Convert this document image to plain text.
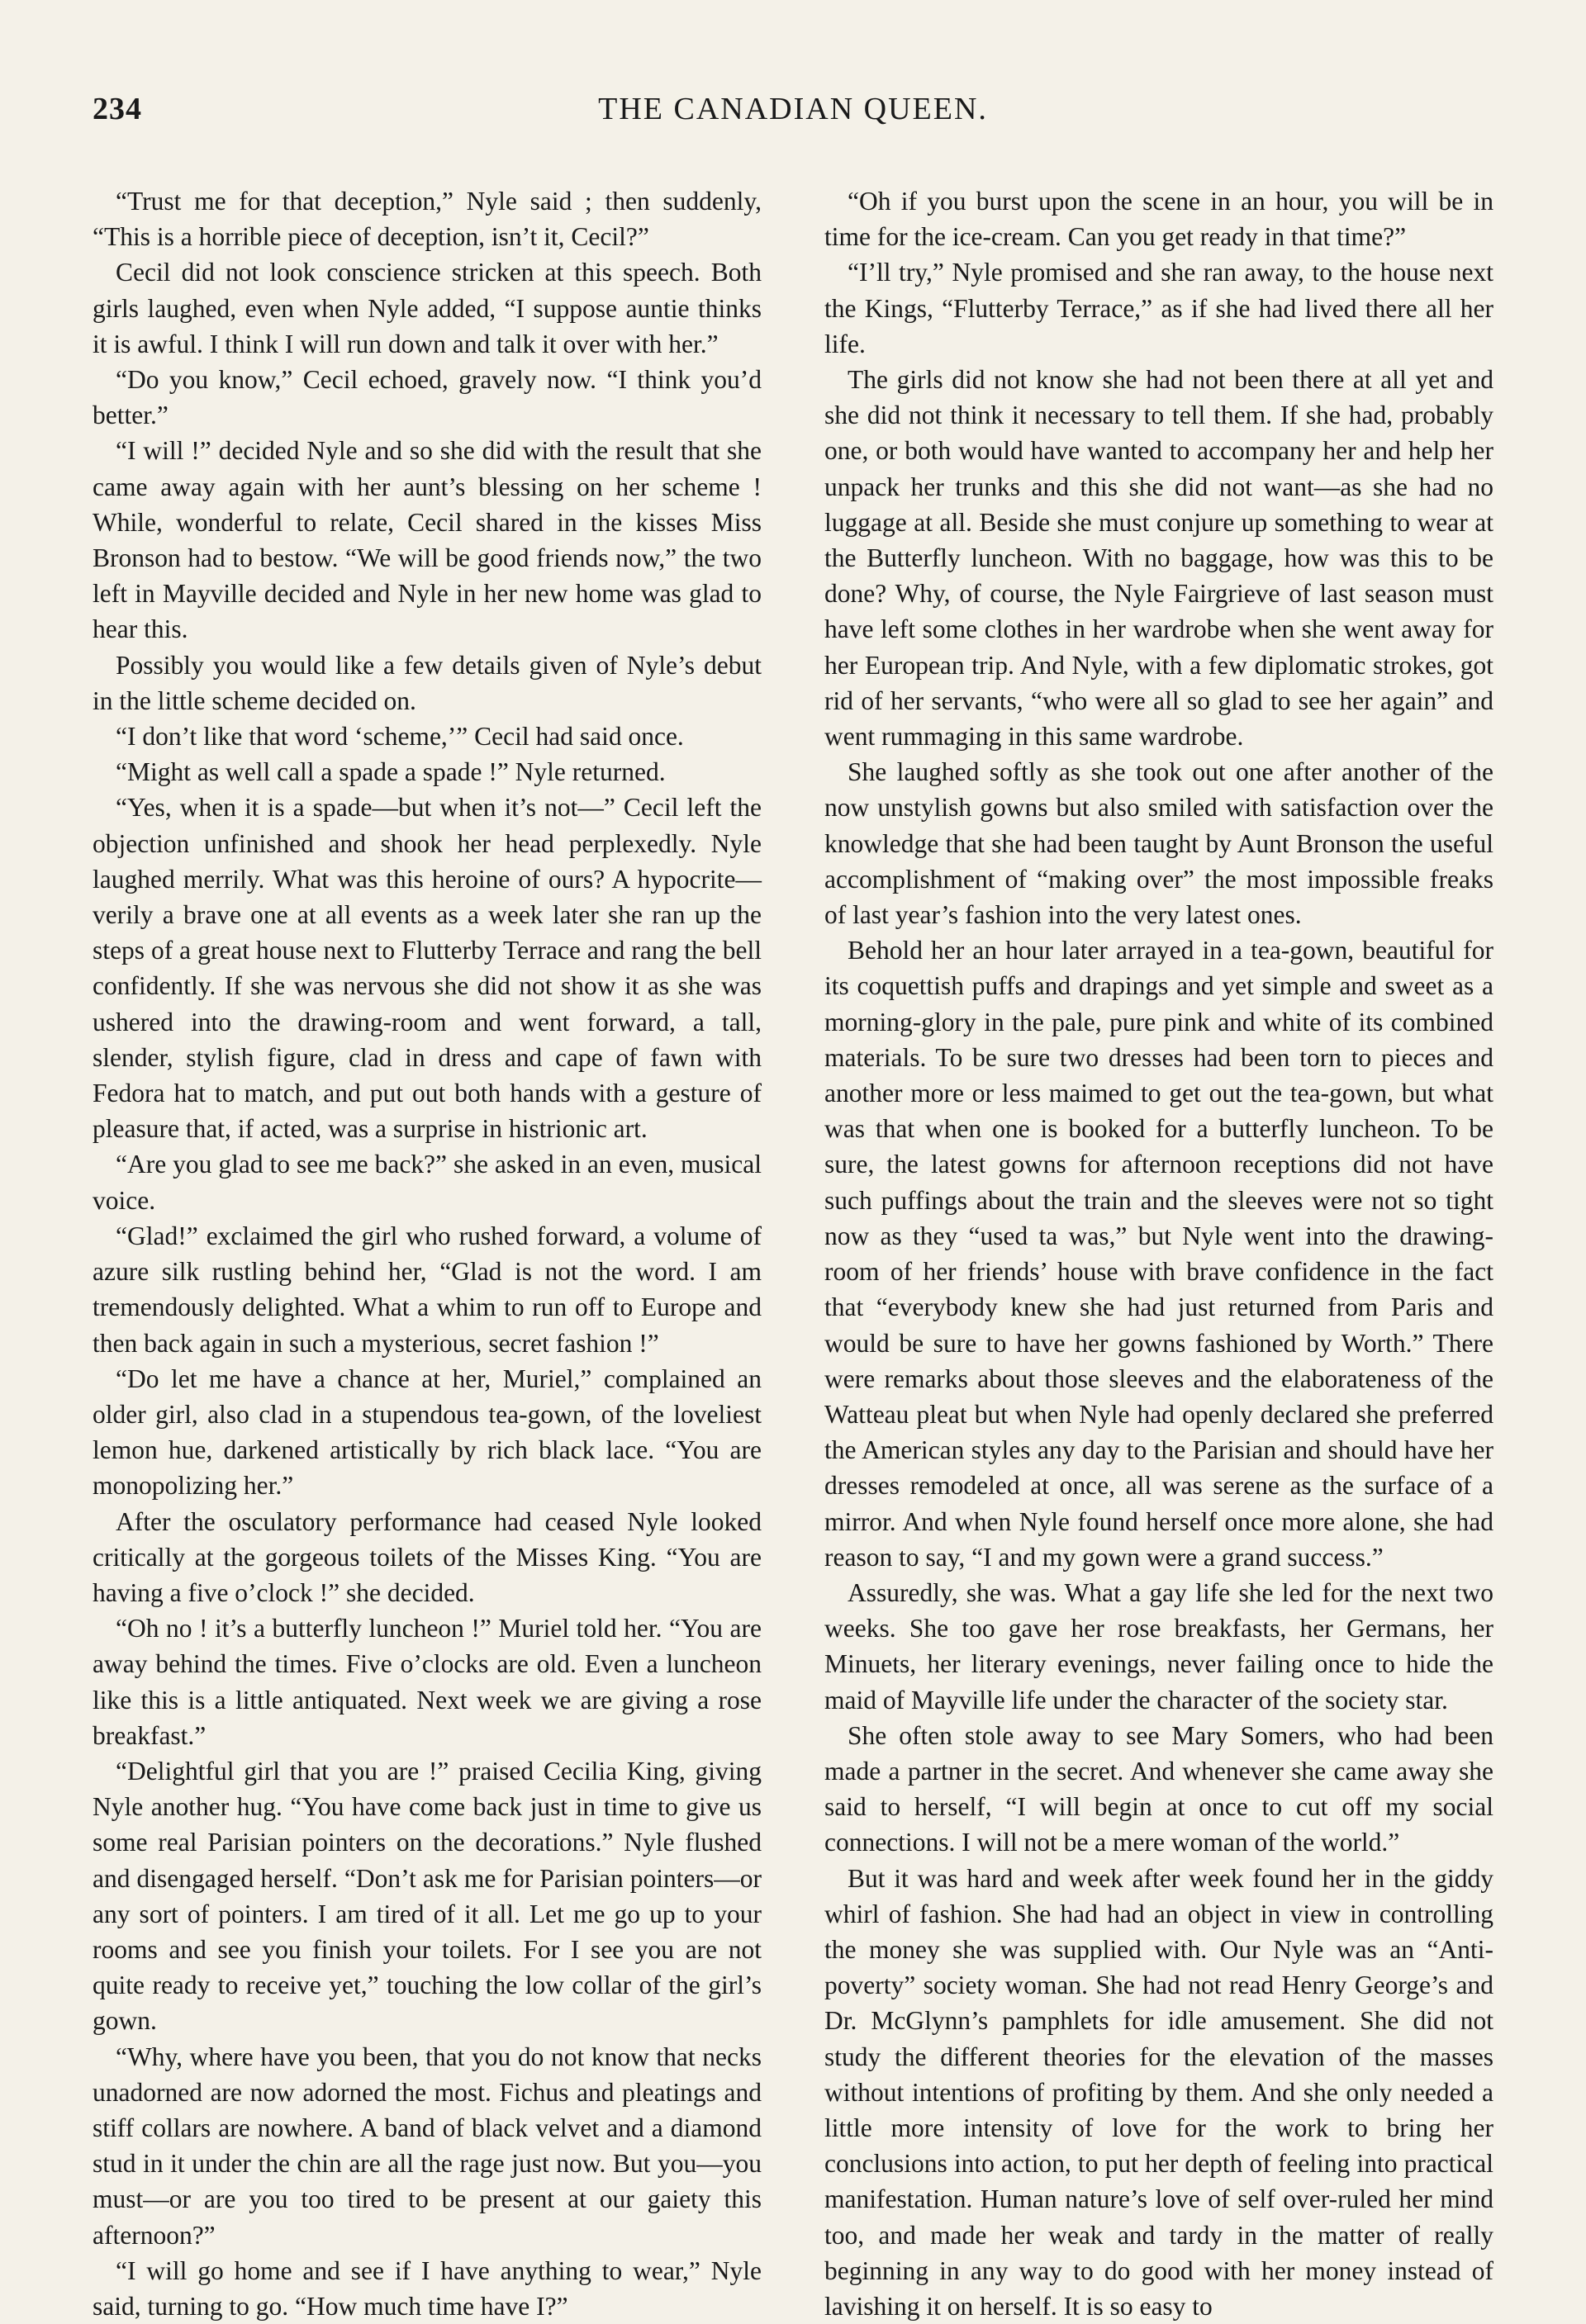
234	THE CANADIAN QUEEN.

“Trust me for that deception,” Nyle said ; then suddenly, “This is a horrible piece of deception, isn’t it, Cecil?”

Cecil did not look conscience stricken at this speech. Both girls laughed, even when Nyle added, “I suppose auntie thinks it is awful. I think I will run down and talk it over with her.”

“Do you know,” Cecil echoed, gravely now. “I think you’d better.”

“I will !” decided Nyle and so she did with the result that she came away again with her aunt’s blessing on her scheme ! While, wonderful to relate, Cecil shared in the kisses Miss Bronson had to bestow. “We will be good friends now,” the two left in Mayville decided and Nyle in her new home was glad to hear this.

Possibly you would like a few details given of Nyle’s debut in the little scheme decided on.

“I don’t like that word ‘scheme,’” Cecil had said once.

“Might as well call a spade a spade !” Nyle returned.

“Yes, when it is a spade—but when it’s not—” Cecil left the objection unfinished and shook her head perplexedly. Nyle laughed merrily. What was this heroine of ours? A hypocrite—verily a brave one at all events as a week later she ran up the steps of a great house next to Flutterby Terrace and rang the bell confidently. If she was nervous she did not show it as she was ushered into the drawing-room and went forward, a tall, slender, stylish figure, clad in dress and cape of fawn with Fedora hat to match, and put out both hands with a gesture of pleasure that, if acted, was a surprise in histrionic art.

“Are you glad to see me back?” she asked in an even, musical voice.

“Glad!” exclaimed the girl who rushed forward, a volume of azure silk rustling behind her, “Glad is not the word. I am tremendously delighted. What a whim to run off to Europe and then back again in such a mysterious, secret fashion !”

“Do let me have a chance at her, Muriel,” complained an older girl, also clad in a stupendous tea-gown, of the loveliest lemon hue, darkened artistically by rich black lace. “You are monopolizing her.”

After the osculatory performance had ceased Nyle looked critically at the gorgeous toilets of the Misses King. “You are having a five o’clock !” she decided.

“Oh no ! it’s a butterfly luncheon !” Muriel told her. “You are away behind the times. Five o’clocks are old. Even a luncheon like this is a little antiquated. Next week we are giving a rose breakfast.”

“Delightful girl that you are !” praised Cecilia King, giving Nyle another hug. “You have come back just in time to give us some real Parisian pointers on the decorations.” Nyle flushed and disengaged herself. “Don’t ask me for Parisian pointers—or any sort of pointers. I am tired of it all. Let me go up to your rooms and see you finish your toilets. For I see you are not quite ready to receive yet,” touching the low collar of the girl’s gown.

“Why, where have you been, that you do not know that necks unadorned are now adorned the most. Fichus and pleatings and stiff collars are nowhere. A band of black velvet and a diamond stud in it under the chin are all the rage just now. But you—you must—or are you too tired to be present at our gaiety this afternoon?”

“I will go home and see if I have anything to wear,” Nyle said, turning to go. “How much time have I?”

“Oh if you burst upon the scene in an hour, you will be in time for the ice-cream. Can you get ready in that time?”

“I’ll try,” Nyle promised and she ran away, to the house next the Kings, “Flutterby Terrace,” as if she had lived there all her life.

The girls did not know she had not been there at all yet and she did not think it necessary to tell them. If she had, probably one, or both would have wanted to accompany her and help her unpack her trunks and this she did not want—as she had no luggage at all. Beside she must conjure up something to wear at the Butterfly luncheon. With no baggage, how was this to be done? Why, of course, the Nyle Fairgrieve of last season must have left some clothes in her wardrobe when she went away for her European trip. And Nyle, with a few diplomatic strokes, got rid of her servants, “who were all so glad to see her again” and went rummaging in this same wardrobe.

She laughed softly as she took out one after another of the now unstylish gowns but also smiled with satisfaction over the knowledge that she had been taught by Aunt Bronson the useful accomplishment of “making over” the most impossible freaks of last year’s fashion into the very latest ones.

Behold her an hour later arrayed in a tea-gown, beautiful for its coquettish puffs and drapings and yet simple and sweet as a morning-glory in the pale, pure pink and white of its combined materials. To be sure two dresses had been torn to pieces and another more or less maimed to get out the tea-gown, but what was that when one is booked for a butterfly luncheon. To be sure, the latest gowns for afternoon receptions did not have such puffings about the train and the sleeves were not so tight now as they “used ta was,” but Nyle went into the drawing-room of her friends’ house with brave confidence in the fact that “everybody knew she had just returned from Paris and would be sure to have her gowns fashioned by Worth.” There were remarks about those sleeves and the elaborateness of the Watteau pleat but when Nyle had openly declared she preferred the American styles any day to the Parisian and should have her dresses remodeled at once, all was serene as the surface of a mirror. And when Nyle found herself once more alone, she had reason to say, “I and my gown were a grand success.”

Assuredly, she was. What a gay life she led for the next two weeks. She too gave her rose breakfasts, her Germans, her Minuets, her literary evenings, never failing once to hide the maid of Mayville life under the character of the society star.

She often stole away to see Mary Somers, who had been made a partner in the secret. And whenever she came away she said to herself, “I will begin at once to cut off my social connections. I will not be a mere woman of the world.”

But it was hard and week after week found her in the giddy whirl of fashion. She had had an object in view in controlling the money she was supplied with. Our Nyle was an “Anti-poverty” society woman. She had not read Henry George’s and Dr. McGlynn’s pamphlets for idle amusement. She did not study the different theories for the elevation of the masses without intentions of profiting by them. And she only needed a little more intensity of love for the work to bring her conclusions into action, to put her depth of feeling into practical manifestation. Human nature’s love of self over-ruled her mind too, and made her weak and tardy in the matter of really beginning in any way to do good with her money instead of lavishing it on herself. It is so easy to
